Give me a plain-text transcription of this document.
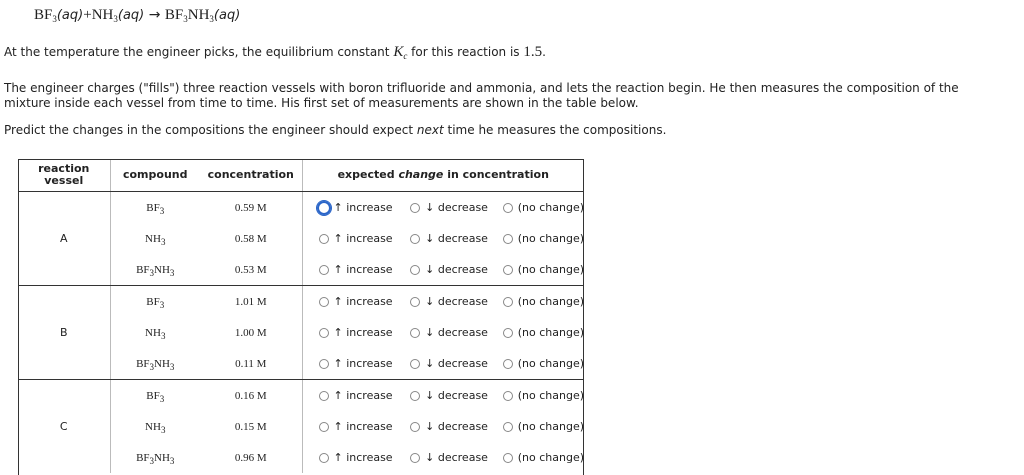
$BF_3(aq)+NH_3(aq) \to BF_3NH_3(aq)$
At the temperature the engineer picks, the equilibrium constant $K_c$ for this reaction is 1.5.
The engineer charges ("fills") three reaction vessels with boron trifluoride and ammonia, and lets the reaction begin. He then measures the composition of the mixture inside each vessel from time to time. His first set of measurements are shown in the table below.
Predict the changes in the compositions the engineer should expect next time he measures the compositions.
reaction vessel	compound	concentration	expected change in concentration
A	$BF_3$	0.59 M	↑ increase ↓ decrease (no change)

	$NH_3$	0.58 M	↑ increase ↓ decrease (no change)

	$BF_3NH_3$	0.53 M	↑ increase ↓ decrease (no change)

B	$BF_3$	1.01 M	↑ increase ↓ decrease (no change)

	$NH_3$	1.00 M	↑ increase ↓ decrease (no change)

	$BF_3NH_3$	0.11 M	↑ increase ↓ decrease (no change)

C	$BF_3$	0.16 M	↑ increase ↓ decrease (no change)

	$NH_3$	0.15 M	↑ increase ↓ decrease (no change)

	$BF_3NH_3$	0.96 M	↑ increase ↓ decrease (no change)
